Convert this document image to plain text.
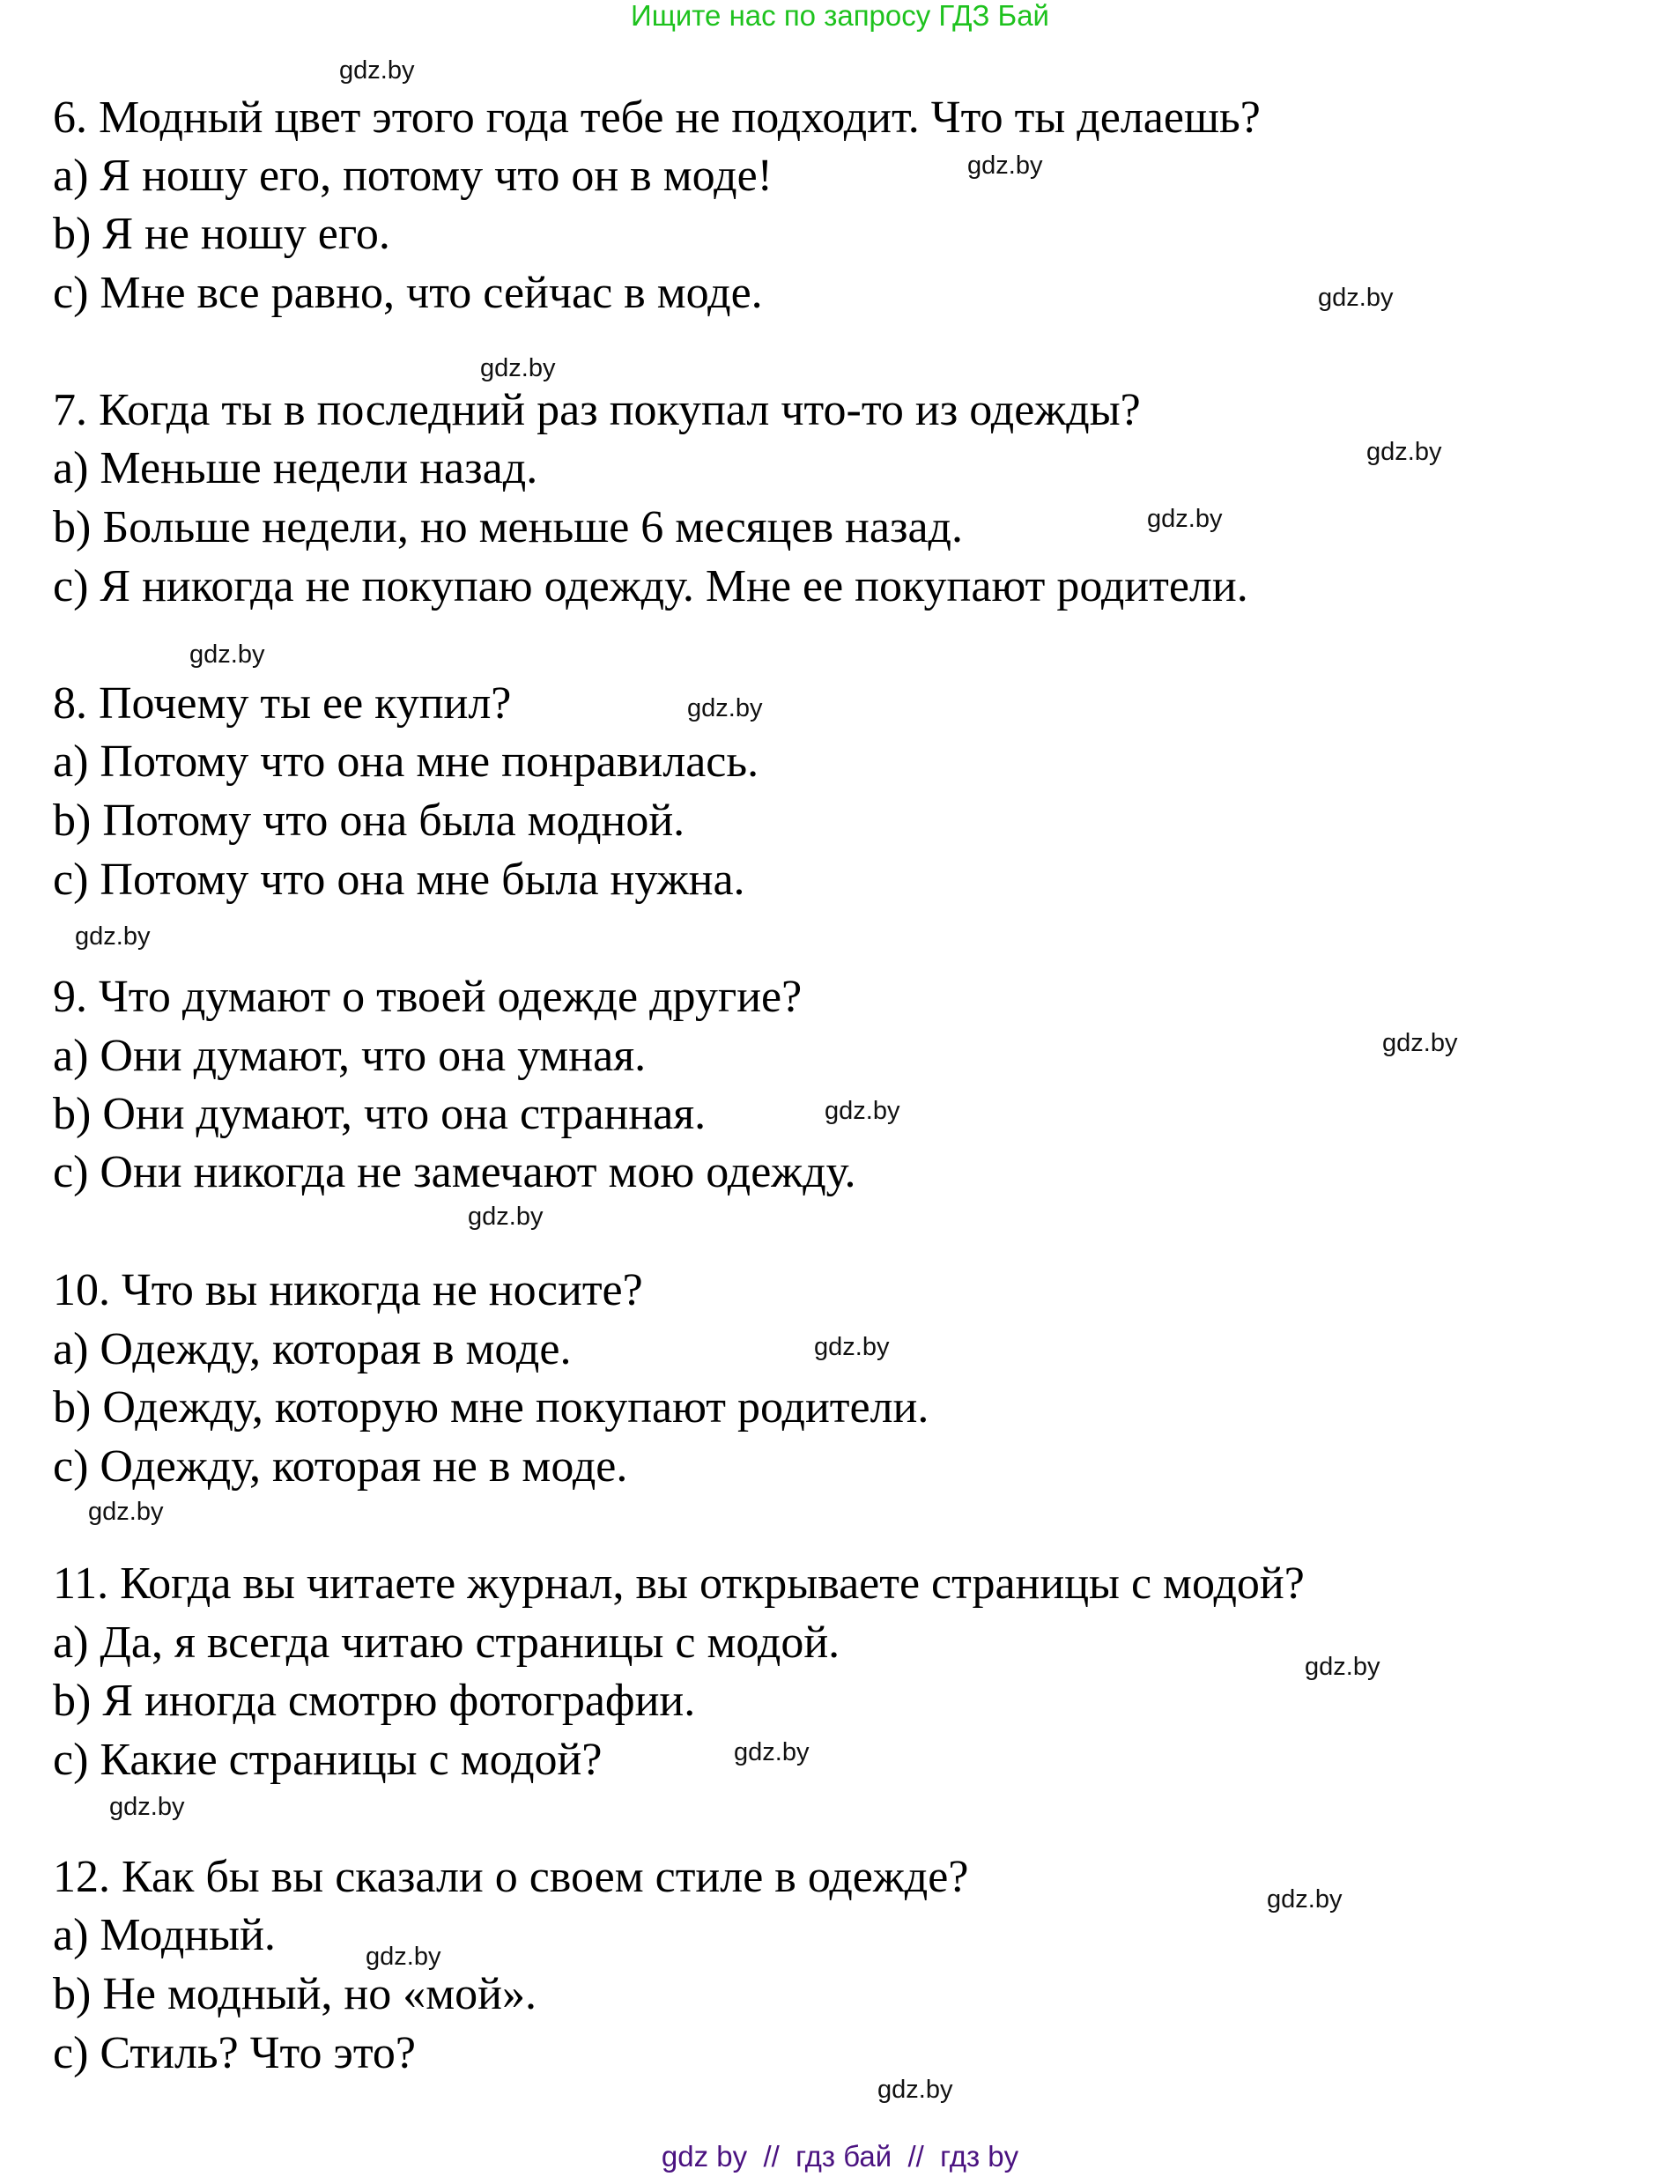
Ищите нас по запросу ГДЗ Бай
6. Модный цвет этого года тебе не подходит. Что ты делаешь?
a) Я ношу его, потому что он в моде!
b) Я не ношу его.
c) Мне все равно, что сейчас в моде.
7. Когда ты в последний раз покупал что-то из одежды?
a) Меньше недели назад.
b) Больше недели, но меньше 6 месяцев назад.
c) Я никогда не покупаю одежду. Мне ее покупают родители.
8. Почему ты ее купил?
a) Потому что она мне понравилась.
b) Потому что она была модной.
c) Потому что она мне была нужна.
9. Что думают о твоей одежде другие?
a) Они думают, что она умная.
b) Они думают, что она странная.
c) Они никогда не замечают мою одежду.
10. Что вы никогда не носите?
a) Одежду, которая в моде.
b) Одежду, которую мне покупают родители.
c) Одежду, которая не в моде.
11. Когда вы читаете журнал, вы открываете страницы с модой?
a) Да, я всегда читаю страницы с модой.
b) Я иногда смотрю фотографии.
c) Какие страницы с модой?
12. Как бы вы сказали о своем стиле в одежде?
a) Модный.
b) Не модный, но «мой».
c) Стиль? Что это?
gdz.by
gdz.by
gdz.by
gdz.by
gdz.by
gdz.by
gdz.by
gdz.by
gdz.by
gdz.by
gdz.by
gdz.by
gdz.by
gdz.by
gdz.by
gdz.by
gdz.by
gdz.by
gdz.by
gdz.by
gdz by  //  гдз бай  //  гдз by
